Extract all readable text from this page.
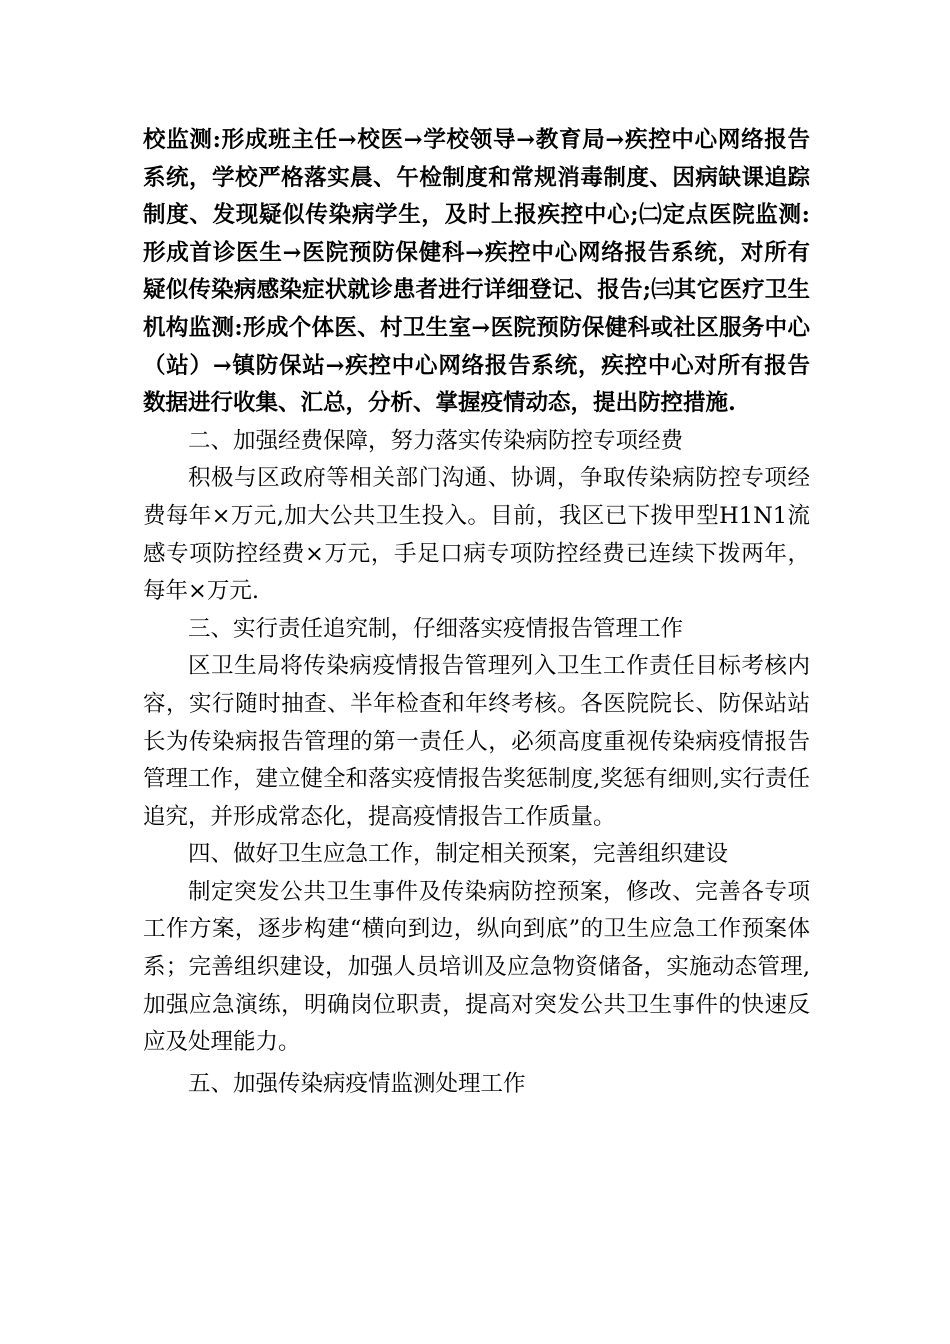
校监测:形成班主任→校医→学校领导→教育局→疾控中心网络报告系统，学校严格落实晨、午检制度和常规消毒制度、因病缺课追踪制度、发现疑似传染病学生，及时上报疾控中心;㈡定点医院监测:形成首诊医生→医院预防保健科→疾控中心网络报告系统，对所有疑似传染病感染症状就诊患者进行详细登记、报告;㈢其它医疗卫生机构监测:形成个体医、村卫生室→医院预防保健科或社区服务中心（站）→镇防保站→疾控中心网络报告系统，疾控中心对所有报告数据进行收集、汇总，分析、掌握疫情动态，提出防控措施.

二、加强经费保障，努力落实传染病防控专项经费

积极与区政府等相关部门沟通、协调，争取传染病防控专项经费每年×万元,加大公共卫生投入。目前，我区已下拨甲型H1N1流感专项防控经费×万元，手足口病专项防控经费已连续下拨两年，每年×万元.

三、实行责任追究制，仔细落实疫情报告管理工作

区卫生局将传染病疫情报告管理列入卫生工作责任目标考核内容，实行随时抽查、半年检查和年终考核。各医院院长、防保站站长为传染病报告管理的第一责任人，必须高度重视传染病疫情报告管理工作，建立健全和落实疫情报告奖惩制度,奖惩有细则,实行责任追究，并形成常态化，提高疫情报告工作质量。

四、做好卫生应急工作，制定相关预案，完善组织建设

制定突发公共卫生事件及传染病防控预案，修改、完善各专项工作方案，逐步构建“横向到边，纵向到底”的卫生应急工作预案体系；完善组织建设，加强人员培训及应急物资储备，实施动态管理,加强应急演练，明确岗位职责，提高对突发公共卫生事件的快速反应及处理能力。

五、加强传染病疫情监测处理工作
